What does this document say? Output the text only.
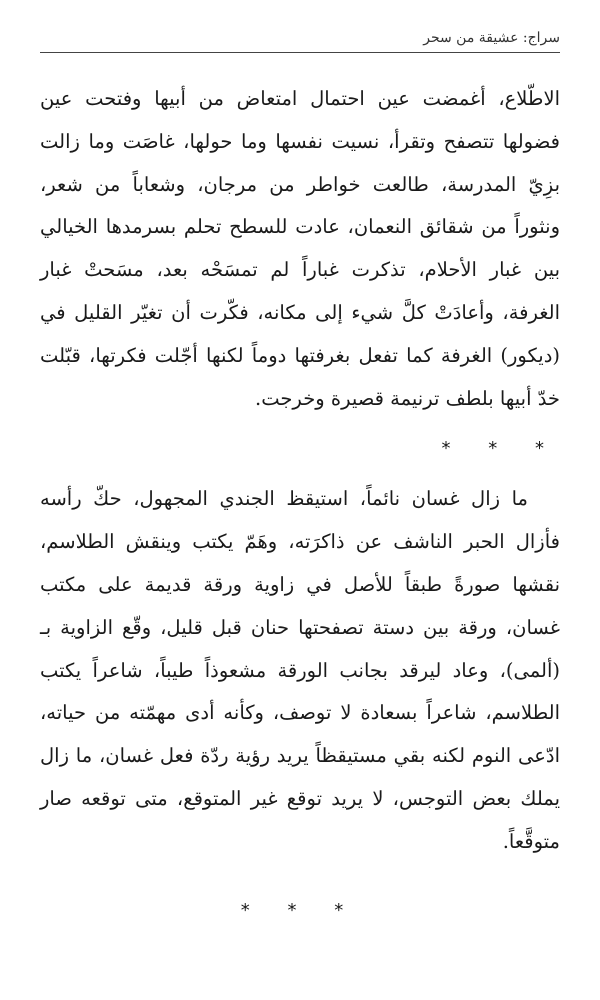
سراج: عشيقة من سحر

الاطّلاع، أغمضت عين احتمال امتعاض من أبيها وفتحت عين فضولها تتصفح وتقرأ، نسيت نفسها وما حولها، غاصَت وما زالت بزِيّ المدرسة، طالعت خواطر من مرجان، وشعاباً من شعر، ونثوراً من شقائق النعمان، عادت للسطح تحلم بسرمدها الخيالي بين غبار الأحلام، تذكرت غباراً لم تمسَحْه بعد، مسَحتْ غبار الغرفة، وأعادَتْ كلَّ شيء إلى مكانه، فكّرت أن تغيّر القليل في (ديكور) الغرفة كما تفعل بغرفتها دوماً لكنها أجّلت فكرتها، قبّلت خدّ أبيها بلطف ترنيمة قصيرة وخرجت.

* * *

ما زال غسان نائماً، استيقظ الجندي المجهول، حكّ رأسه فأزال الحبر الناشف عن ذاكرَته، وهَمّ يكتب وينقش الطلاسم، نقشها صورةً طبقاً للأصل في زاوية ورقة قديمة على مكتب غسان، ورقة بين دستة تصفحتها حنان قبل قليل، وقّع الزاوية بـ (ألمى)، وعاد ليرقد بجانب الورقة مشعوذاً طيباً، شاعراً يكتب الطلاسم، شاعراً بسعادة لا توصف، وكأنه أدى مهمّته من حياته، ادّعى النوم لكنه بقي مستيقظاً يريد رؤية ردّة فعل غسان، ما زال يملك بعض التوجس، لا يريد توقع غير المتوقع، متى توقعه صار متوقَّعاً.

* * *
